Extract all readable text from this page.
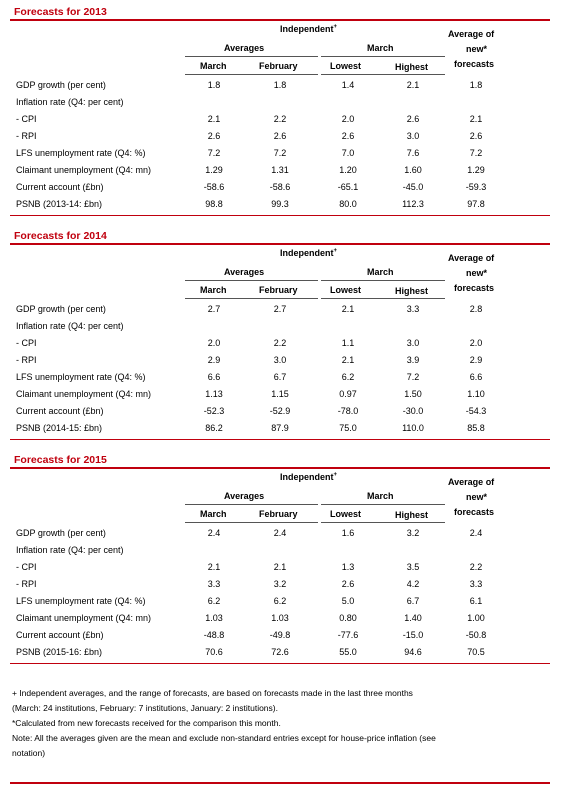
Forecasts for 2013
Independent+
Averages	March
Average of
new*
forecasts
March	February	Lowest	Highest
GDP growth (per cent)	1.8	1.8	1.4	2.1	1.8
Inflation rate (Q4: per cent)
- CPI	2.1	2.2	2.0	2.6	2.1
- RPI	2.6	2.6	2.6	3.0	2.6
LFS unemployment rate (Q4: %)	7.2	7.2	7.0	7.6	7.2
Claimant unemployment (Q4: mn)	1.29	1.31	1.20	1.60	1.29
Current account (£bn)	-58.6	-58.6	-65.1	-45.0	-59.3
PSNB (2013-14: £bn)	98.8	99.3	80.0	112.3	97.8
Forecasts for 2014
Independent+
Averages	March
Average of
new*
forecasts
March	February	Lowest	Highest
GDP growth (per cent)	2.7	2.7	2.1	3.3	2.8
Inflation rate (Q4: per cent)
- CPI	2.0	2.2	1.1	3.0	2.0
- RPI	2.9	3.0	2.1	3.9	2.9
LFS unemployment rate (Q4: %)	6.6	6.7	6.2	7.2	6.6
Claimant unemployment (Q4: mn)	1.13	1.15	0.97	1.50	1.10
Current account (£bn)	-52.3	-52.9	-78.0	-30.0	-54.3
PSNB (2014-15: £bn)	86.2	87.9	75.0	110.0	85.8
Forecasts for 2015
Independent+
Averages	March
Average of
new*
forecasts
March	February	Lowest	Highest
GDP growth (per cent)	2.4	2.4	1.6	3.2	2.4
Inflation rate (Q4: per cent)
- CPI	2.1	2.1	1.3	3.5	2.2
- RPI	3.3	3.2	2.6	4.2	3.3
LFS unemployment rate (Q4: %)	6.2	6.2	5.0	6.7	6.1
Claimant unemployment (Q4: mn)	1.03	1.03	0.80	1.40	1.00
Current account (£bn)	-48.8	-49.8	-77.6	-15.0	-50.8
PSNB (2015-16: £bn)	70.6	72.6	55.0	94.6	70.5
+ Independent averages, and the range of forecasts, are based on forecasts made in the last three months
(March: 24 institutions, February: 7 institutions, January: 2 institutions).
*Calculated from new forecasts received for the comparison this month.
Note: All the averages given are the mean and exclude non-standard entries except for house-price inflation (see
notation)
